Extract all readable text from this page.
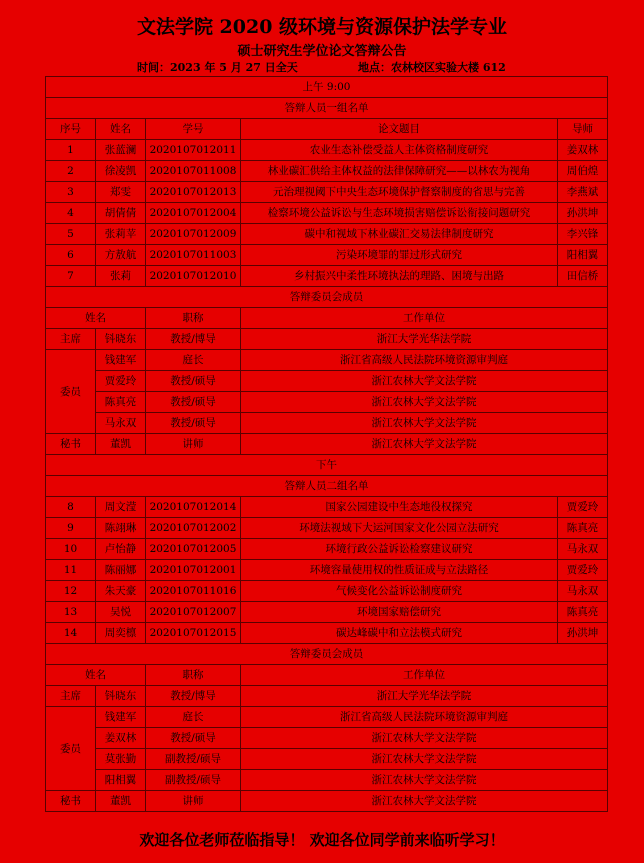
文法学院 2020 级环境与资源保护法学专业
硕士研究生学位论文答辩公告
时间：2023 年 5 月 27 日全天	地点：农林校区实验大楼 612
上午 9:00				
答辩人员一组名单				
序号	姓名	学号	论文题目	导师
1	张蓝澜	2020107012011	农业生态补偿受益人主体资格制度研究	姜双林
2	徐凌凯	2020107011008	林业碳汇供给主体权益的法律保障研究——以林农为视角	周伯煌
3	郑雯	2020107012013	元治理视阈下中央生态环境保护督察制度的省思与完善	李燕斌
4	胡倩倩	2020107012004	检察环境公益诉讼与生态环境损害赔偿诉讼衔接问题研究	孙洪坤
5	张莉苹	2020107012009	碳中和视域下林业碳汇交易法律制度研究	李兴锋
6	方敖航	2020107011003	污染环境罪的罪过形式研究	阳相翼
7	张莉	2020107012010	乡村振兴中柔性环境执法的理路、困境与出路	田信桥
答辩委员会成员				
姓名		职称	工作单位	
主席	钭晓东	教授/博导	浙江大学光华法学院	
委员	钱建军	庭长	浙江省高级人民法院环境资源审判庭	
	贾爱玲	教授/硕导	浙江农林大学文法学院	
	陈真亮	教授/硕导	浙江农林大学文法学院	
	马永双	教授/硕导	浙江农林大学文法学院	
秘书	董凯	讲师	浙江农林大学文法学院	
下午				
答辩人员二组名单				
8	周文滢	2020107012014	国家公园建设中生态地役权探究	贾爱玲
9	陈翊琳	2020107012002	环境法视域下大运河国家文化公园立法研究	陈真亮
10	卢怡静	2020107012005	环境行政公益诉讼检察建议研究	马永双
11	陈丽娜	2020107012001	环境容量使用权的性质证成与立法路径	贾爱玲
12	朱天豪	2020107011016	气候变化公益诉讼制度研究	马永双
13	吴悦	2020107012007	环境国家赔偿研究	陈真亮
14	周奕檩	2020107012015	碳达峰碳中和立法模式研究	孙洪坤
答辩委员会成员				
姓名		职称	工作单位	
主席	钭晓东	教授/博导	浙江大学光华法学院	
委员	钱建军	庭长	浙江省高级人民法院环境资源审判庭	
	姜双林	教授/硕导	浙江农林大学文法学院	
	莫张勤	副教授/硕导	浙江农林大学文法学院	
	阳相翼	副教授/硕导	浙江农林大学文法学院	
秘书	董凯	讲师	浙江农林大学文法学院	
欢迎各位老师莅临指导！ 欢迎各位同学前来临听学习！
